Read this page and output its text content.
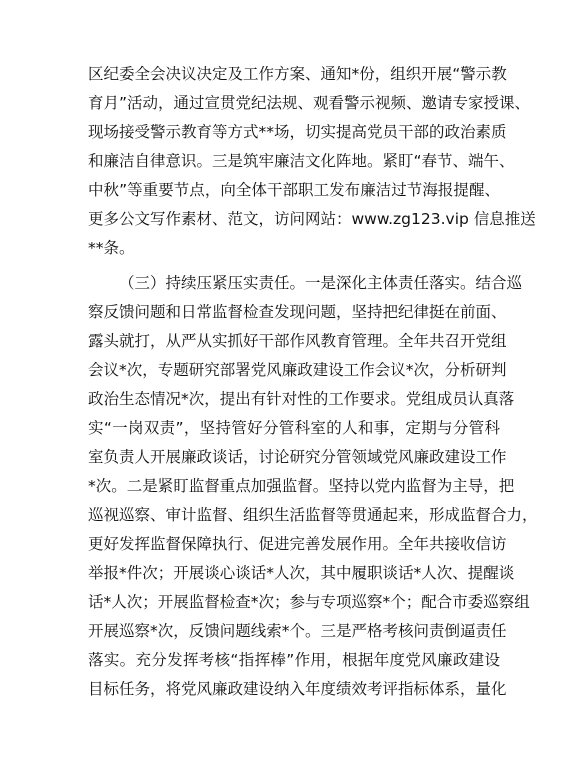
区纪委全会决议决定及工作方案、通知*份，组织开展“警示教
育月”活动，通过宣贯党纪法规、观看警示视频、邀请专家授课、
现场接受警示教育等方式**场，切实提高党员干部的政治素质
和廉洁自律意识。三是筑牢廉洁文化阵地。紧盯“春节、端午、
中秋”等重要节点，向全体干部职工发布廉洁过节海报提醒、
更多公文写作素材、范文，访问网站：www.zg123.vip 信息推送
**条。
（三）持续压紧压实责任。一是深化主体责任落实。结合巡
察反馈问题和日常监督检查发现问题，坚持把纪律挺在前面、
露头就打，从严从实抓好干部作风教育管理。全年共召开党组
会议*次，专题研究部署党风廉政建设工作会议*次，分析研判
政治生态情况*次，提出有针对性的工作要求。党组成员认真落
实“一岗双责”，坚持管好分管科室的人和事，定期与分管科
室负责人开展廉政谈话，讨论研究分管领域党风廉政建设工作
*次。二是紧盯监督重点加强监督。坚持以党内监督为主导，把
巡视巡察、审计监督、组织生活监督等贯通起来，形成监督合力，
更好发挥监督保障执行、促进完善发展作用。全年共接收信访
举报*件次；开展谈心谈话*人次，其中履职谈话*人次、提醒谈
话*人次；开展监督检查*次；参与专项巡察*个；配合市委巡察组
开展巡察*次，反馈问题线索*个。三是严格考核问责倒逼责任
落实。充分发挥考核“指挥棒”作用，根据年度党风廉政建设
目标任务，将党风廉政建设纳入年度绩效考评指标体系，量化
